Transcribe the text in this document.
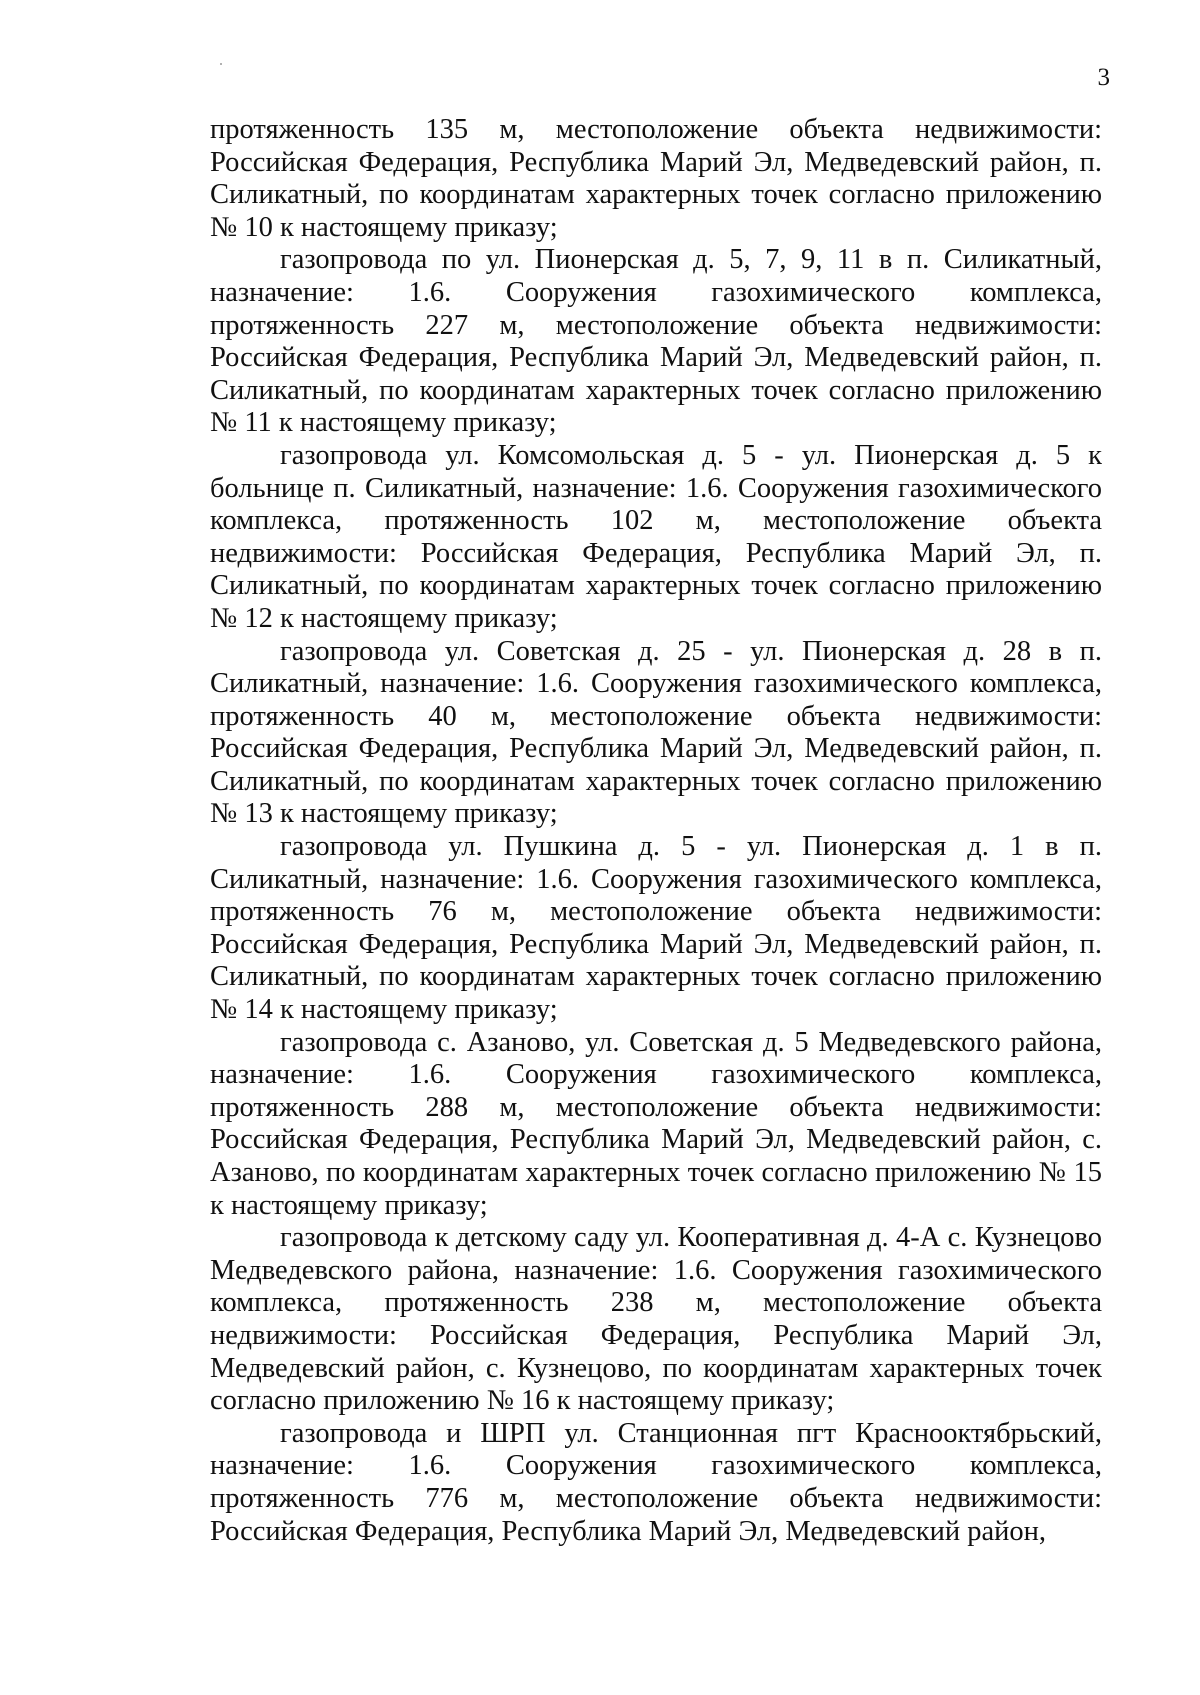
3

протяженность 135 м, местоположение объекта недвижимости: Российская Федерация, Республика Марий Эл, Медведевский район, п. Силикатный, по координатам характерных точек согласно приложению № 10 к настоящему приказу;

газопровода по ул. Пионерская д. 5, 7, 9, 11 в п. Силикатный, назначение: 1.6. Сооружения газохимического комплекса, протяженность 227 м, местоположение объекта недвижимости: Российская Федерация, Республика Марий Эл, Медведевский район, п. Силикатный, по координатам характерных точек согласно приложению № 11 к настоящему приказу;

газопровода ул. Комсомольская д. 5 - ул. Пионерская д. 5 к больнице п. Силикатный, назначение: 1.6. Сооружения газохимического комплекса, протяженность 102 м, местоположение объекта недвижимости: Российская Федерация, Республика Марий Эл, п. Силикатный, по координатам характерных точек согласно приложению № 12 к настоящему приказу;

газопровода ул. Советская д. 25 - ул. Пионерская д. 28 в п. Силикатный, назначение: 1.6. Сооружения газохимического комплекса, протяженность 40 м, местоположение объекта недвижимости: Российская Федерация, Республика Марий Эл, Медведевский район, п. Силикатный, по координатам характерных точек согласно приложению № 13 к настоящему приказу;

газопровода ул. Пушкина д. 5 - ул. Пионерская д. 1 в п. Силикатный, назначение: 1.6. Сооружения газохимического комплекса, протяженность 76 м, местоположение объекта недвижимости: Российская Федерация, Республика Марий Эл, Медведевский район, п. Силикатный, по координатам характерных точек согласно приложению № 14 к настоящему приказу;

газопровода с. Азаново, ул. Советская д. 5 Медведевского района, назначение: 1.6. Сооружения газохимического комплекса, протяженность 288 м, местоположение объекта недвижимости: Российская Федерация, Республика Марий Эл, Медведевский район, с. Азаново, по координатам характерных точек согласно приложению № 15 к настоящему приказу;

газопровода к детскому саду ул. Кооперативная д. 4-А с. Кузнецово Медведевского района, назначение: 1.6. Сооружения газохимического комплекса, протяженность 238 м, местоположение объекта недвижимости: Российская Федерация, Республика Марий Эл, Медведевский район, с. Кузнецово, по координатам характерных точек согласно приложению № 16 к настоящему приказу;

газопровода и ШРП ул. Станционная пгт Краснооктябрьский, назначение: 1.6. Сооружения газохимического комплекса, протяженность 776 м, местоположение объекта недвижимости: Российская Федерация, Республика Марий Эл, Медведевский район,
